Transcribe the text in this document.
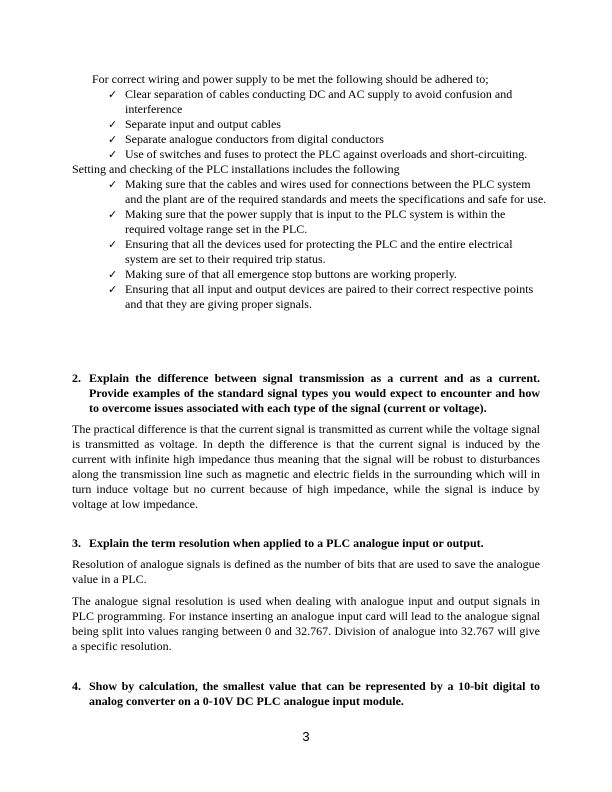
For correct wiring and power supply to be met the following should be adhered to;
✓ Clear separation of cables conducting DC and AC supply to avoid confusion and interference
✓ Separate input and output cables
✓ Separate analogue conductors from digital conductors
✓ Use of switches and fuses to protect the PLC against overloads and short-circuiting.
Setting and checking of the PLC installations includes the following
✓ Making sure that the cables and wires used for connections between the PLC system and the plant are of the required standards and meets the specifications and safe for use.
✓ Making sure that the power supply that is input to the PLC system is within the required voltage range set in the PLC.
✓ Ensuring that all the devices used for protecting the PLC and the entire electrical system are set to their required trip status.
✓ Making sure of that all emergence stop buttons are working properly.
✓ Ensuring that all input and output devices are paired to their correct respective points and that they are giving proper signals.
2. Explain the difference between signal transmission as a current and as a current. Provide examples of the standard signal types you would expect to encounter and how to overcome issues associated with each type of the signal (current or voltage).

The practical difference is that the current signal is transmitted as current while the voltage signal is transmitted as voltage. In depth the difference is that the current signal is induced by the current with infinite high impedance thus meaning that the signal will be robust to disturbances along the transmission line such as magnetic and electric fields in the surrounding which will in turn induce voltage but no current because of high impedance, while the signal is induce by voltage at low impedance.

3. Explain the term resolution when applied to a PLC analogue input or output.

Resolution of analogue signals is defined as the number of bits that are used to save the analogue value in a PLC.

The analogue signal resolution is used when dealing with analogue input and output signals in PLC programming. For instance inserting an analogue input card will lead to the analogue signal being split into values ranging between 0 and 32.767. Division of analogue into 32.767 will give a specific resolution.

4. Show by calculation, the smallest value that can be represented by a 10-bit digital to analog converter on a 0-10V DC PLC analogue input module.
3
